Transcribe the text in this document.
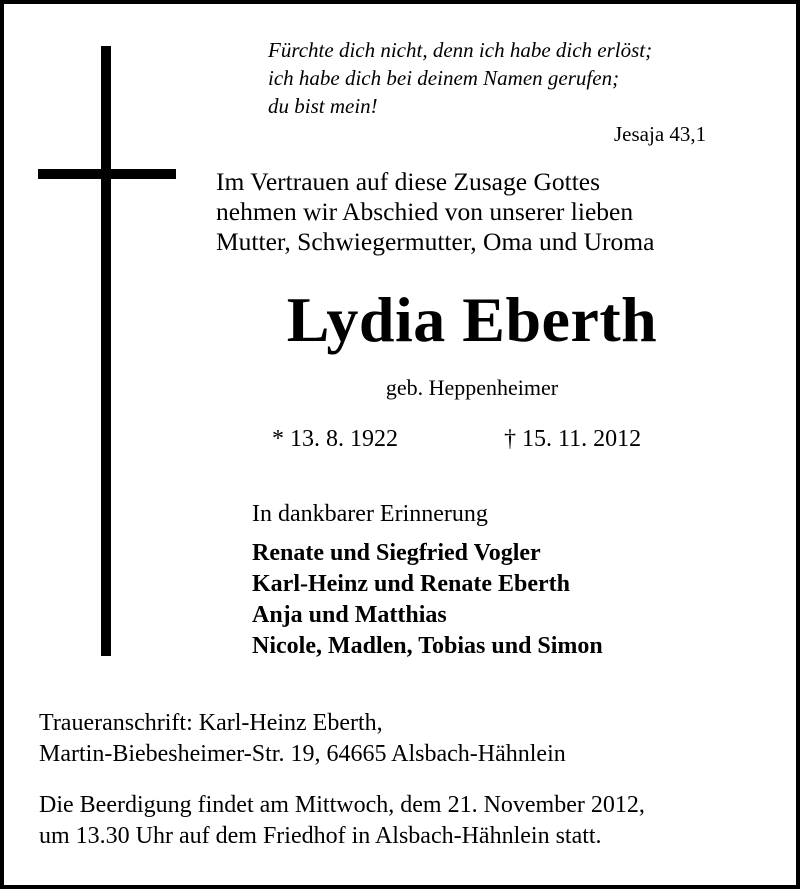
Fürchte dich nicht, denn ich habe dich erlöst;
ich habe dich bei deinem Namen gerufen;
du bist mein!
Jesaja 43,1
Im Vertrauen auf diese Zusage Gottes
nehmen wir Abschied von unserer lieben
Mutter, Schwiegermutter, Oma und Uroma
Lydia Eberth
geb. Heppenheimer
* 13. 8. 1922	† 15. 11. 2012
In dankbarer Erinnerung
Renate und Siegfried Vogler
Karl-Heinz und Renate Eberth
Anja und Matthias
Nicole, Madlen, Tobias und Simon
Traueranschrift: Karl-Heinz Eberth,
Martin-Biebesheimer-Str. 19, 64665 Alsbach-Hähnlein
Die Beerdigung findet am Mittwoch, dem 21. November 2012,
um 13.30 Uhr auf dem Friedhof in Alsbach-Hähnlein statt.
